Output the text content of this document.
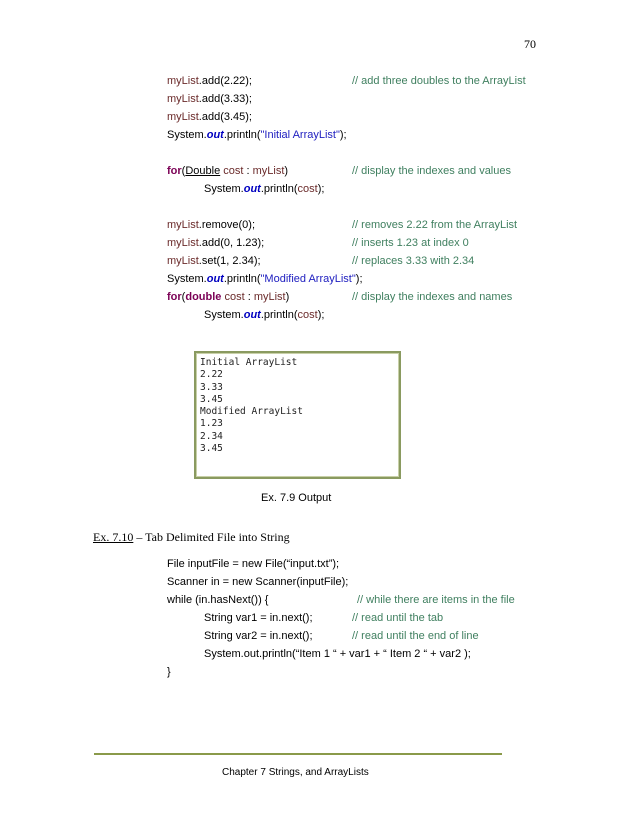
70
myList.add(2.22);	// add three doubles to the ArrayList
myList.add(3.33);
myList.add(3.45);
System.out.println("Initial ArrayList");
for(Double cost : myList)	// display the indexes and values
System.out.println(cost);
myList.remove(0);	// removes 2.22 from the ArrayList
myList.add(0, 1.23);	// inserts 1.23 at index 0
myList.set(1, 2.34);	// replaces 3.33 with 2.34
System.out.println("Modified ArrayList");
for(double cost : myList)	// display the indexes and names
System.out.println(cost);
Initial ArrayList
2.22
3.33
3.45
Modified ArrayList
1.23
2.34
3.45
Ex. 7.9 Output
Ex. 7.10 – Tab Delimited File into String
File inputFile = new File(“input.txt”);
Scanner in = new Scanner(inputFile);
while (in.hasNext()) {	// while there are items in the file
String var1 = in.next();	// read until the tab
String var2 = in.next();	// read until the end of line
System.out.println(“Item 1 “ + var1 + “ Item 2 “ + var2 );
}
Chapter 7 Strings, and ArrayLists
